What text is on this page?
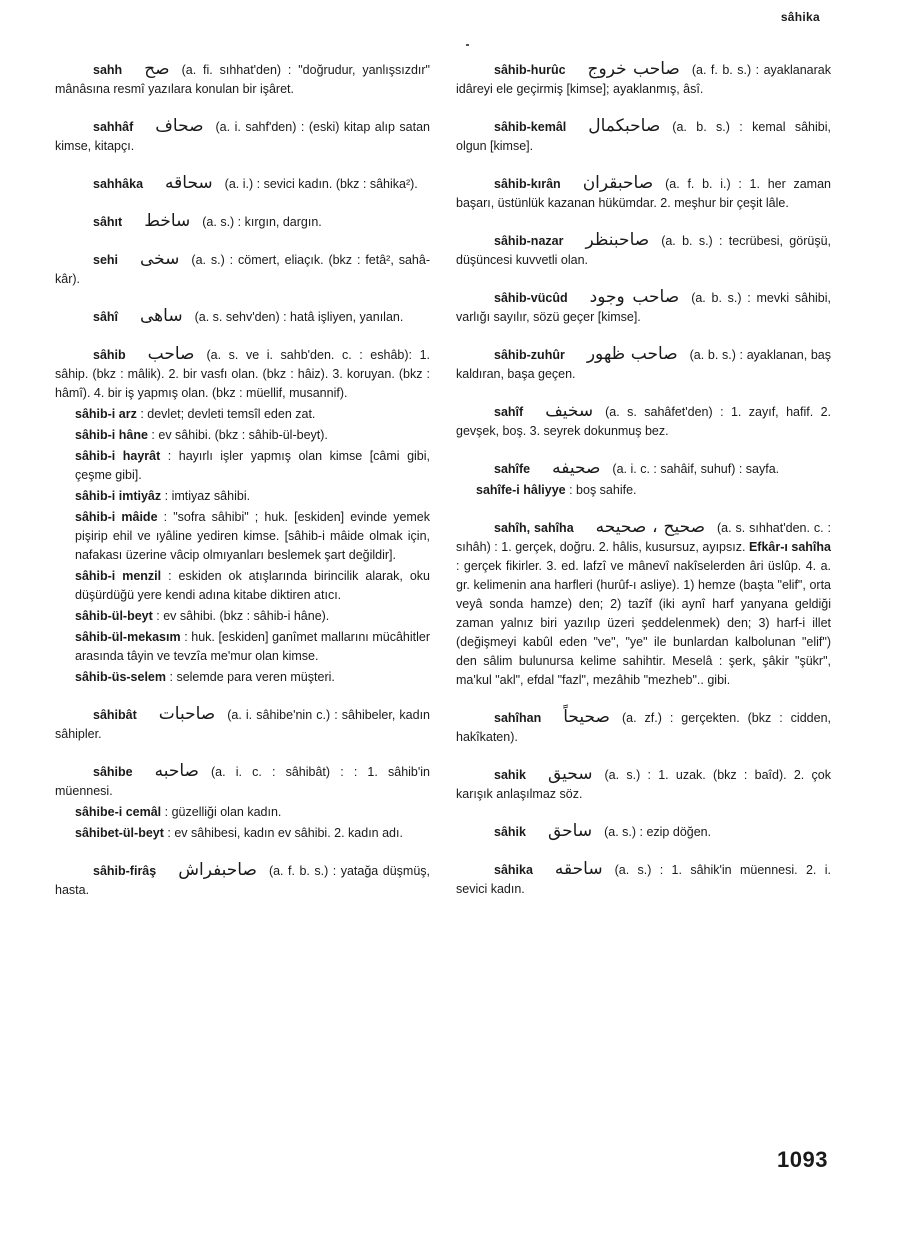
sâhika
sahh صح (a. fi. sıhhat'den) : "doğrudur, yanlışsızdır" mânâsına resmî yazılara konulan bir işâret.
sahhâf صحاف (a. i. sahf'den) : (eski) kitap alıp satan kimse, kitapçı.
sahhâka سحاقه (a. i.) : sevici kadın. (bkz : sâhika²).
sâhıt ساخط (a. s.) : kırgın, dargın.
sehi سخی (a. s.) : cömert, eliaçık. (bkz : fetâ², sahâ-kâr).
sâhî ساهى (a. s. sehv'den) : hatâ işliyen, yanılan.
sâhib صاحب (a. s. ve i. sahb'den. c. : eshâb): 1. sâhip. (bkz : mâlik). 2. bir vasfı olan. (bkz : hâiz). 3. koruyan. (bkz : hâmî). 4. bir iş yapmış olan. (bkz : müellif, musannif).
sâhib-i arz : devlet; devleti temsîl eden zat.
sâhib-i hâne : ev sâhibi. (bkz : sâhib-ül-beyt).
sâhib-i hayrât : hayırlı işler yapmış olan kimse [câmi gibi, çeşme gibi].
sâhib-i imtiyâz : imtiyaz sâhibi.
sâhib-i mâide : "sofra sâhibi" ; huk. [eskiden] evinde yemek pişirip ehil ve ıyâline yediren kimse. [sâhib-i mâide olmak için, nafakası üzerine vâcip olmıyanları beslemek şart değildir].
sâhib-i menzil : eskiden ok atışlarında birincilik alarak, oku düşürdüğü yere kendi adına kitabe diktiren atıcı.
sâhib-ül-beyt : ev sâhibi. (bkz : sâhib-i hâne).
sâhib-ül-mekasım : huk. [eskiden] ganîmet mallarını mücâhitler arasında tâyin ve tevzîa me'mur olan kimse.
sâhib-üs-selem : selemde para veren müşteri.
sâhibât صاحبات (a. i. sâhibe'nin c.) : sâhibeler, kadın sâhipler.
sâhibe صاحبه (a. i. c. : sâhibât) : : 1. sâhib'in müennesi.
sâhibe-i cemâl : güzelliği olan kadın.
sâhibet-ül-beyt : ev sâhibesi, kadın ev sâhibi. 2. kadın adı.
sâhib-firâş صاحبفراش (a. f. b. s.) : yatağa düşmüş, hasta.
sâhib-hurûc صاحب خروج (a. f. b. s.) : ayaklanarak idâreyi ele geçirmiş [kimse]; ayaklanmış, âsî.
sâhib-kemâl صاحبكمال (a. b. s.) : kemal sâhibi, olgun [kimse].
sâhib-kırân صاحبقران (a. f. b. i.) : 1. her zaman başarı, üstünlük kazanan hükümdar. 2. meşhur bir çeşit lâle.
sâhib-nazar صاحبنظر (a. b. s.) : tecrübesi, görüşü, düşüncesi kuvvetli olan.
sâhib-vücûd صاحب وجود (a. b. s.) : mevki sâhibi, varlığı sayılır, sözü geçer [kimse].
sâhib-zuhûr صاحب ظهور (a. b. s.) : ayaklanan, baş kaldıran, başa geçen.
sahîf سخيف (a. s. sahâfet'den) : 1. zayıf, hafif. 2. gevşek, boş. 3. seyrek dokunmuş bez.
sahîfe صحيفه (a. i. c. : sahâif, suhuf) : sayfa.
sahîfe-i hâliyye : boş sahife.
sahîh, sahîha صحيح ، صحيحه (a. s. sıhhat'den. c. : sıhâh) : 1. gerçek, doğru. 2. hâlis, kusursuz, ayıpsız. Efkâr-ı sahîha : gerçek fikirler. 3. ed. lafzî ve mânevî nakîselerden âri üslûp. 4. a. gr. kelimenin ana harfleri (hurûf-ı asliye). 1) hemze (başta "elif", orta veyâ sonda hamze) den; 2) tazîf (iki aynî harf yanyana geldiği zaman yalnız biri yazılıp üzeri şeddelenmek) den; 3) harf-i illet (değişmeyi kabûl eden "ve", "ye" ile bunlardan kalbolunan "elif") den sâlim bulunursa kelime sahihtir. Meselâ : şerk, şâkir "şükr", ma'kul "akl", efdal "fazl", mezâhib "mezheb".. gibi.
sahîhan صحيحاً (a. zf.) : gerçekten. (bkz : cidden, hakîkaten).
sahik سحيق (a. s.) : 1. uzak. (bkz : baîd). 2. çok karışık anlaşılmaz söz.
sâhik ساحق (a. s.) : ezip döğen.
sâhika ساحقه (a. s.) : 1. sâhik'in müennesi. 2. i. sevici kadın.
1093
